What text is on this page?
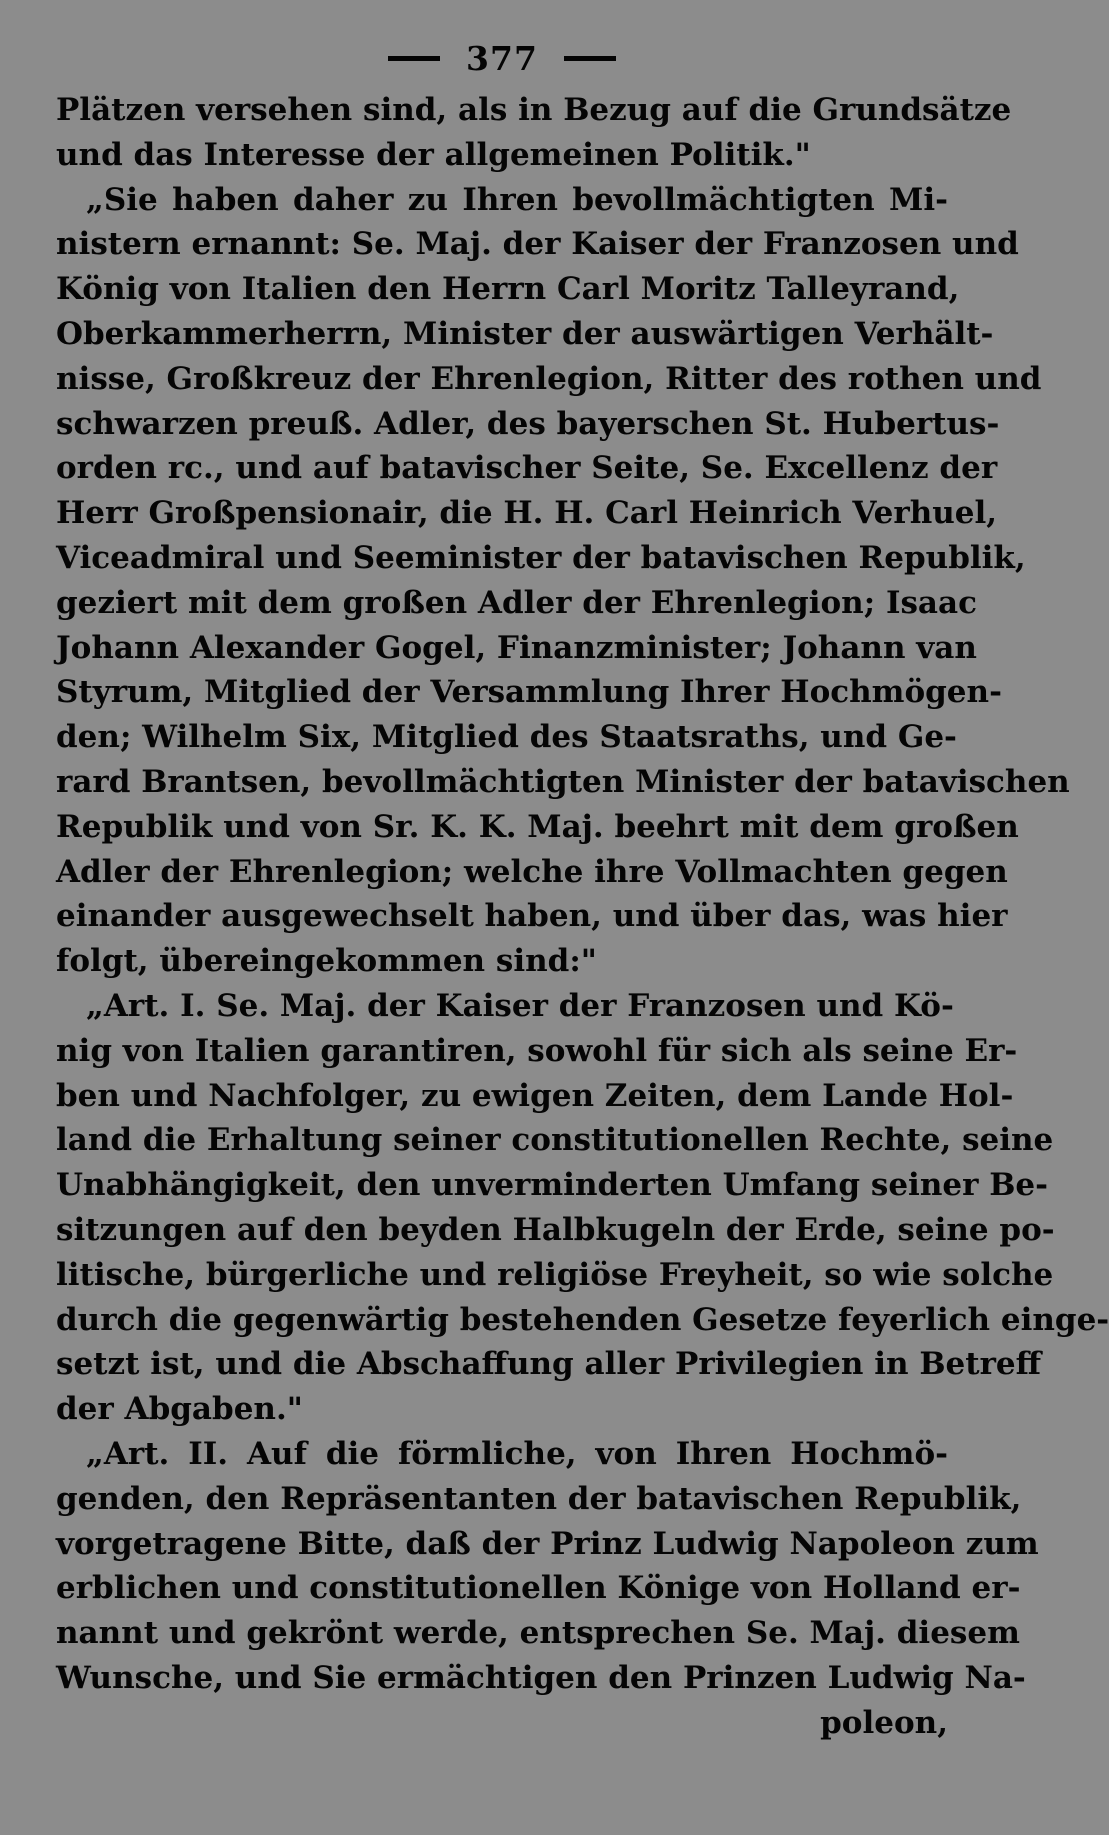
377
Plätzen versehen sind, als in Bezug auf die Grundsätze
und das Interesse der allgemeinen Politik."
„Sie haben daher zu Ihren bevollmächtigten Mi-
nistern ernannt: Se. Maj. der Kaiser der Franzosen und
König von Italien den Herrn Carl Moritz Talleyrand,
Oberkammerherrn, Minister der auswärtigen Verhält-
nisse, Großkreuz der Ehrenlegion, Ritter des rothen und
schwarzen preuß. Adler, des bayerschen St. Hubertus-
orden rc., und auf batavischer Seite, Se. Excellenz der
Herr Großpensionair, die H. H. Carl Heinrich Verhuel,
Viceadmiral und Seeminister der batavischen Republik,
geziert mit dem großen Adler der Ehrenlegion; Isaac
Johann Alexander Gogel, Finanzminister; Johann van
Styrum, Mitglied der Versammlung Ihrer Hochmögen-
den; Wilhelm Six, Mitglied des Staatsraths, und Ge-
rard Brantsen, bevollmächtigten Minister der batavischen
Republik und von Sr. K. K. Maj. beehrt mit dem großen
Adler der Ehrenlegion; welche ihre Vollmachten gegen
einander ausgewechselt haben, und über das, was hier
folgt, übereingekommen sind:"
„Art. I. Se. Maj. der Kaiser der Franzosen und Kö-
nig von Italien garantiren, sowohl für sich als seine Er-
ben und Nachfolger, zu ewigen Zeiten, dem Lande Hol-
land die Erhaltung seiner constitutionellen Rechte, seine
Unabhängigkeit, den unverminderten Umfang seiner Be-
sitzungen auf den beyden Halbkugeln der Erde, seine po-
litische, bürgerliche und religiöse Freyheit, so wie solche
durch die gegenwärtig bestehenden Gesetze feyerlich einge-
setzt ist, und die Abschaffung aller Privilegien in Betreff
der Abgaben."
„Art. II. Auf die förmliche, von Ihren Hochmö-
genden, den Repräsentanten der batavischen Republik,
vorgetragene Bitte, daß der Prinz Ludwig Napoleon zum
erblichen und constitutionellen Könige von Holland er-
nannt und gekrönt werde, entsprechen Se. Maj. diesem
Wunsche, und Sie ermächtigen den Prinzen Ludwig Na-
poleon,
